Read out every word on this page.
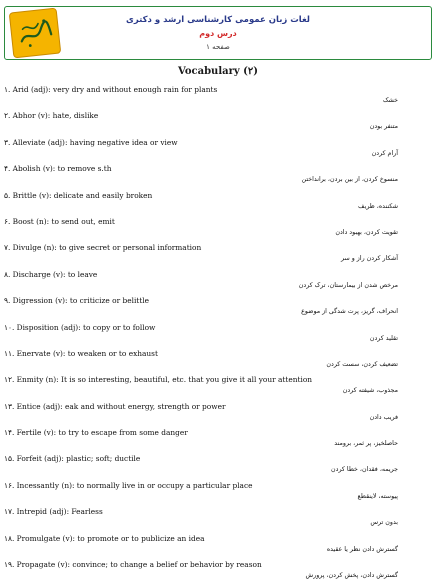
لغات زبان عمومی کارشناسی ارشد و دکتری
درس دوم
صفحه ۱
Vocabulary (۲)
۱. Arid (adj): very dry and without enough rain for plants
خشک
۲. Abhor (v): hate, dislike
متنفر بودن
۳. Alleviate (adj): having negative idea or view
آرام کردن
۴. Abolish (v): to remove s.th
منسوخ کردن، از بین بردن، برانداختن
۵. Brittle (v): delicate and easily broken
شکننده، ظریف
۶. Boost (n): to send out, emit
تقویت کردن، بهبود دادن
۷. Divulge (n): to give secret or personal information
آشکار کردن راز و سر
۸. Discharge (v): to leave
مرخص شدن از بیمارستان، ترک کردن
۹. Digression (v): to criticize or belittle
انحراف، گریز، پرت شدگی از موضوع
۱۰. Disposition (adj): to copy or to follow
تقلید کردن
۱۱. Enervate (v): to weaken or to exhaust
تضعیف کردن، سست کردن
۱۲. Enmity (n): It is so interesting, beautiful, etc. that you give it all your attention
مجذوب، شیفته کردن
۱۳. Entice (adj): eak and without energy, strength or power
فریب دادن
۱۴. Fertile (v): to try to escape from some danger
حاصلخیز، پر ثمر، برومند
۱۵. Forfeit (adj): plastic; soft; ductile
جریمه، فقدان، خطا کردن
۱۶. Incessantly (n): to normally live in or occupy a particular place
پیوسته، لاینقطع
۱۷. Intrepid (adj): Fearless
بدون ترس
۱۸. Promulgate (v): to promote or to publicize an idea
گسترش دادن نظر یا عقیده
۱۹. Propagate (v): convince; to change a belief or behavior by reason
گسترش دادن، پخش کردن، پرورش
